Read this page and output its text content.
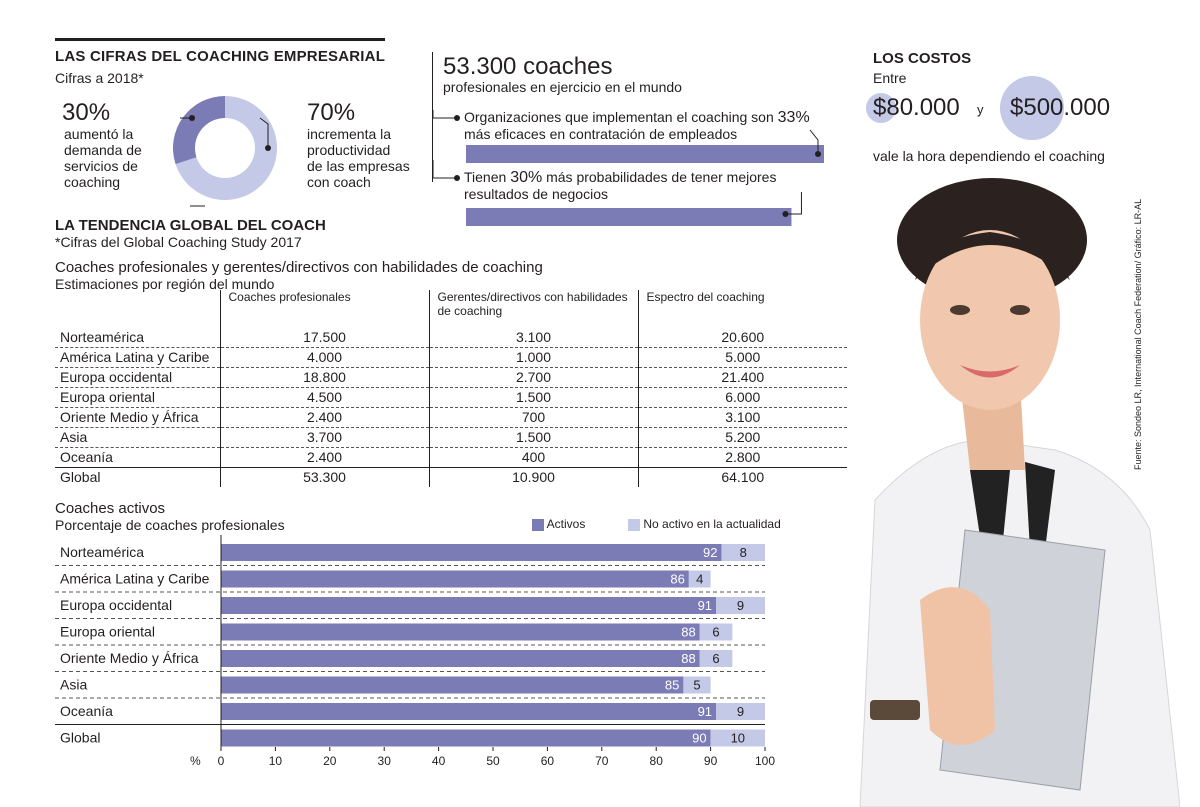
LAS CIFRAS DEL COACHING EMPRESARIAL
Cifras a 2018*
30%
aumentó la
demanda de
servicios de
coaching
70%
incrementa la
productividad
de las empresas
con coach
53.300 coaches
profesionales en ejercicio en el mundo
Organizaciones que implementan el coaching son 33%
más eficaces en contratación de empleados
Tienen 30% más probabilidades de tener mejores
resultados de negocios
LOS COSTOS
Entre
$80.000 y $500.000
vale la hora dependiendo el coaching
LA TENDENCIA GLOBAL DEL COACH
*Cifras del Global Coaching Study 2017
Coaches profesionales y gerentes/directivos con habilidades de coaching
Estimaciones por región del mundo
	Coaches profesionales	Gerentes/directivos con habilidades de coaching	Espectro del coaching
Norteamérica	17.500	3.100	20.600
América Latina y Caribe	4.000	1.000	5.000
Europa occidental	18.800	2.700	21.400
Europa oriental	4.500	1.500	6.000
Oriente Medio y África	2.400	700	3.100
Asia	3.700	1.500	5.200
Oceanía	2.400	400	2.800
Global	53.300	10.900	64.100
Coaches activos
Porcentaje de coaches profesionales	Activos	No activo en la actualidad
Norteamérica	92 8
América Latina y Caribe	86 4
Europa occidental	91 9
Europa oriental	88 6
Oriente Medio y África	88 6
Asia	85 5
Oceanía	91 9
Global	90 10
0	10	20	30	40	50	60	70	80	90	100
%
Fuente: Sondeo LR, International Coach Federation/ Gráfico: LR-AL
